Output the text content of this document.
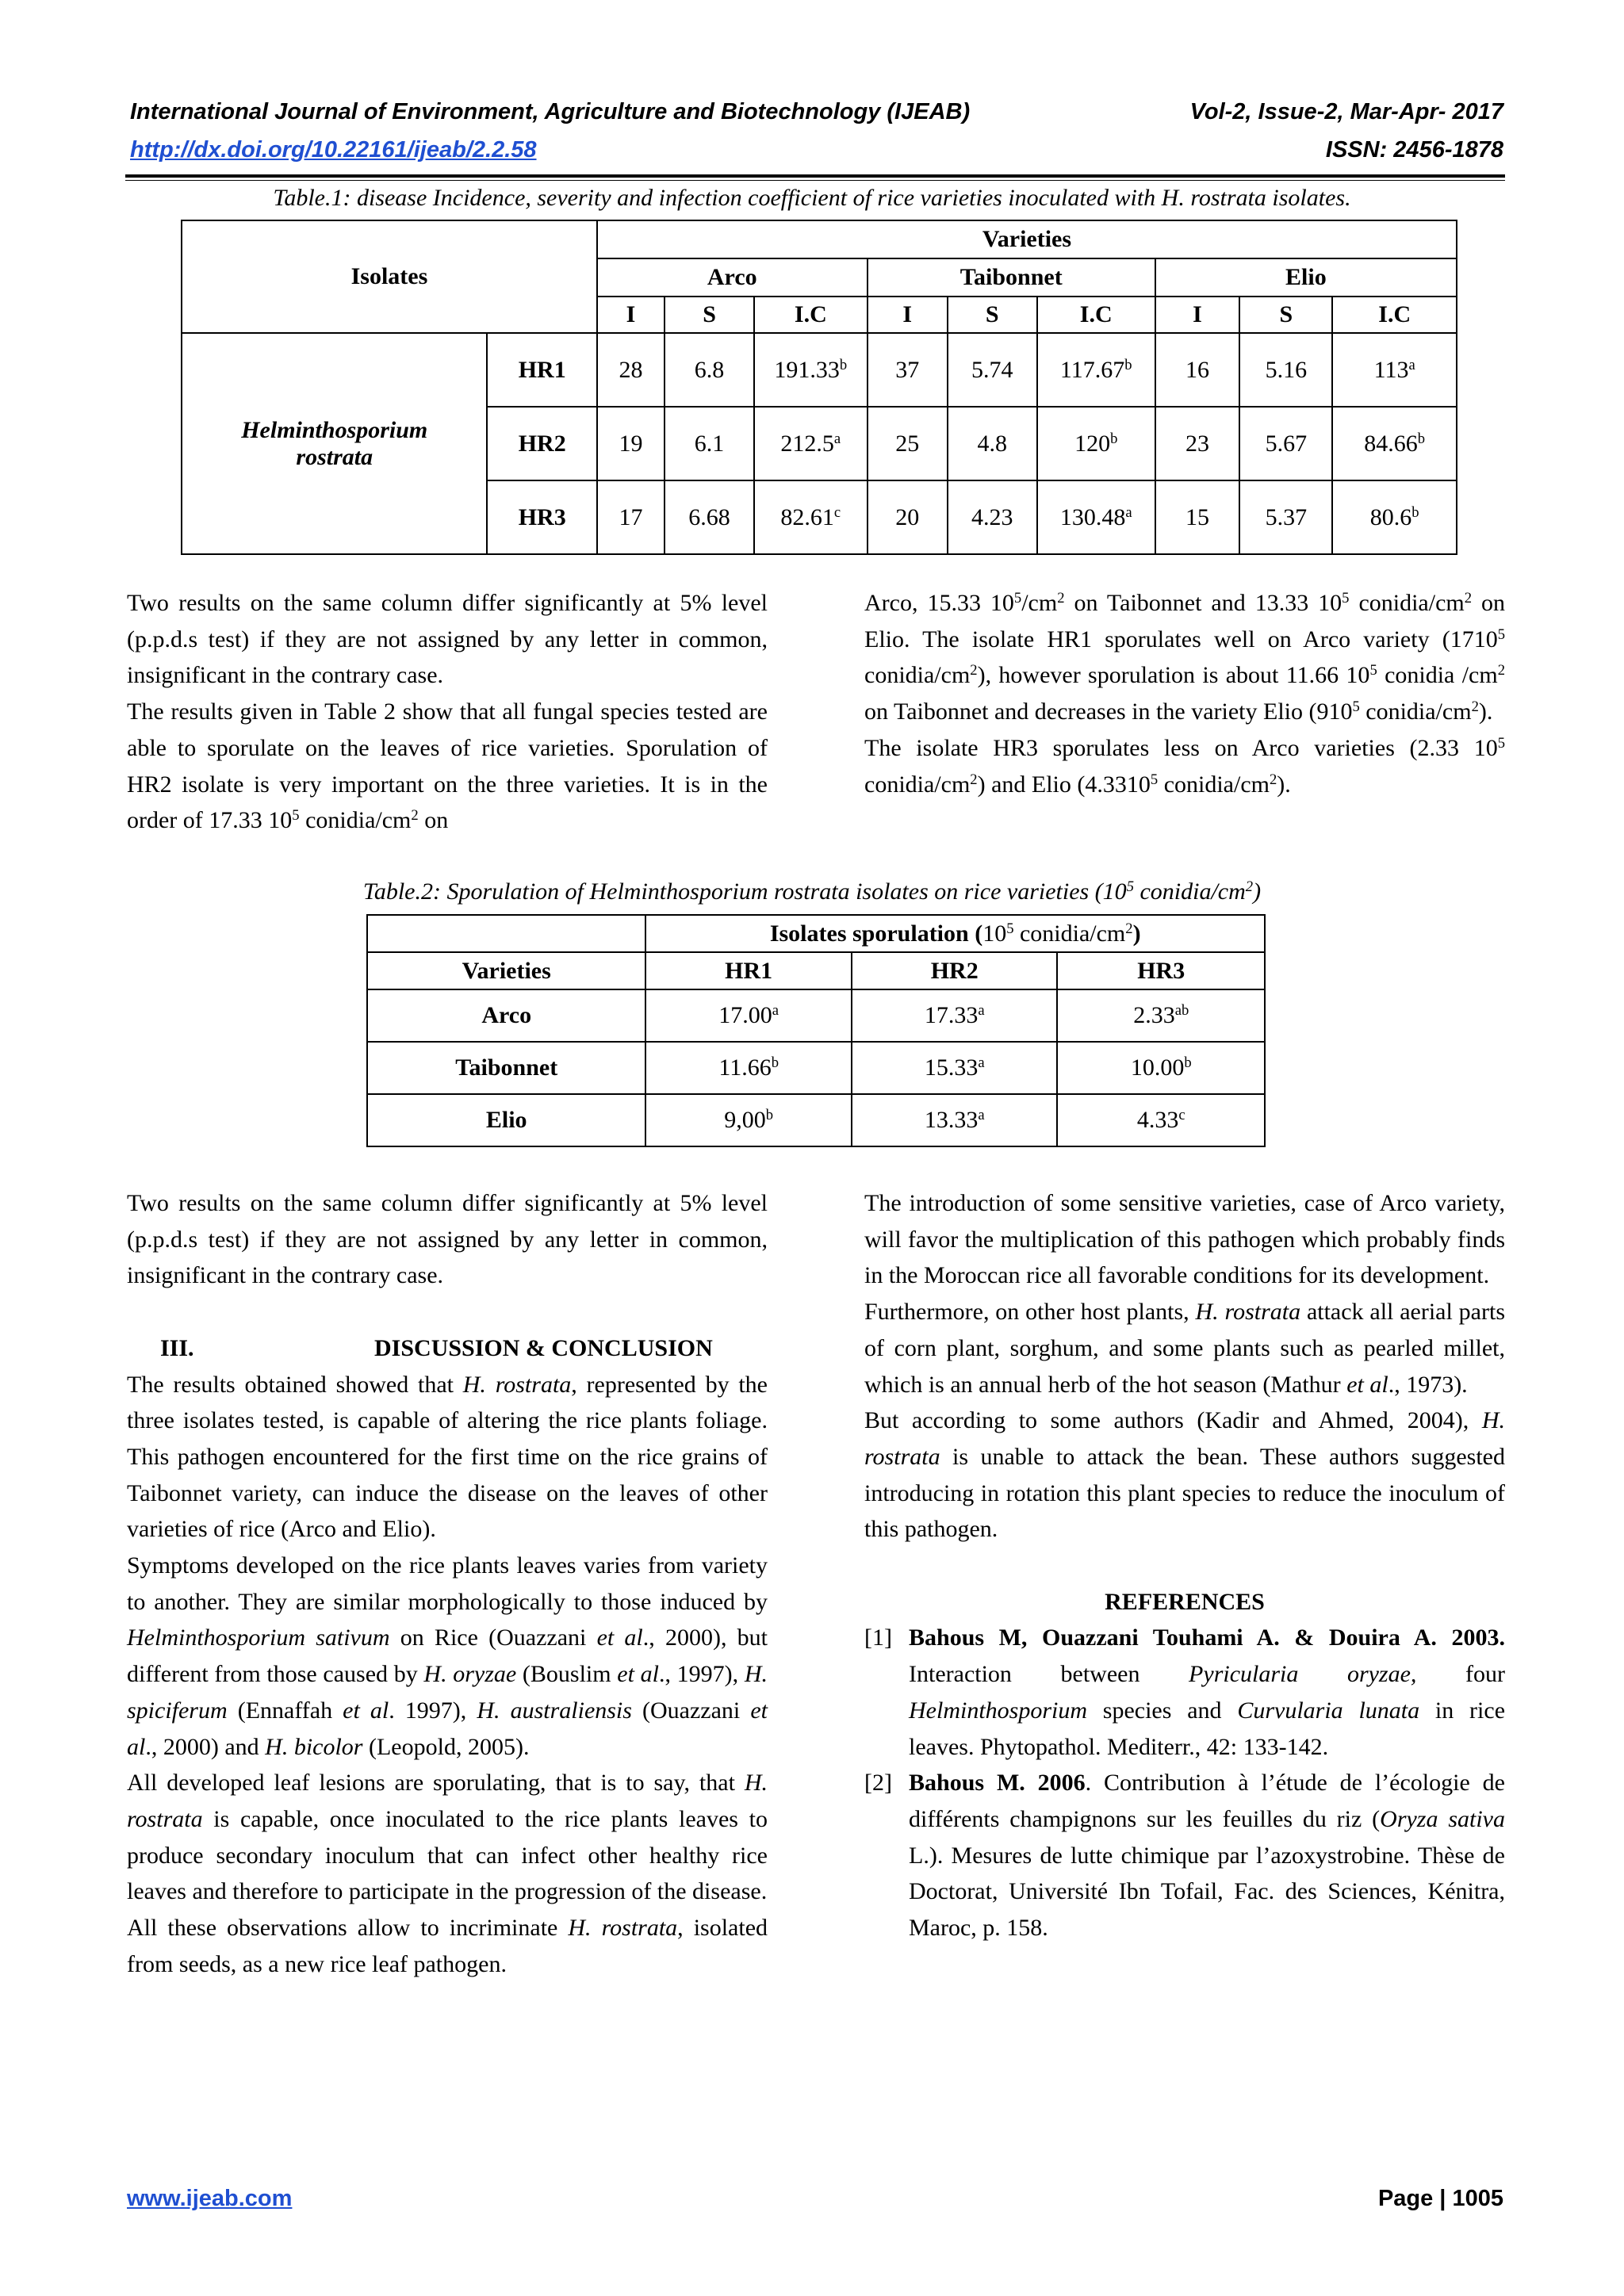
International Journal of Environment, Agriculture and Biotechnology (IJEAB)	Vol-2, Issue-2, Mar-Apr- 2017
http://dx.doi.org/10.22161/ijeab/2.2.58	ISSN: 2456-1878
Table.1: disease Incidence, severity and infection coefficient of rice varieties inoculated with H. rostrata isolates.
Isolates		Varieties								
		Arco			Taibonnet			Elio		
		I	S	I.C	I	S	I.C	I	S	I.C

Helminthosporium
rostrata	HR1	28	6.8	191.33$^b$	37	5.74	117.67$^b$	16	5.16	113$^a$
	HR2	19	6.1	212.5$^a$	25	4.8	120$^b$	23	5.67	84.66$^b$
	HR3	17	6.68	82.61$^c$	20	4.23	130.48$^a$	15	5.37	80.6$^b$

Two results on the same column differ significantly at 5% level (p.p.d.s test) if they are not assigned by any letter in common, insignificant in the contrary case.

The results given in Table 2 show that all fungal species tested are able to sporulate on the leaves of rice varieties. Sporulation of HR2 isolate is very important on the three varieties. It is in the order of 17.33 $10^5$ conidia/$cm^2$ on

Arco, 15.33 $10^5/cm^2$ on Taibonnet and 13.33 $10^5$ conidia/$cm^2$ on Elio. The isolate HR1 sporulates well on Arco variety (1710$^5$ conidia/$cm^2$), however sporulation is about 11.66 $10^5$ conidia $/cm^2$ on Taibonnet and decreases in the variety Elio ($910^5$ conidia/$cm^2$).

The isolate HR3 sporulates less on Arco varieties (2.33 $10^5$ conidia/$cm^2$) and Elio (4.3310$^5$ conidia/$cm^2$).

Table.2: Sporulation of Helminthosporium rostrata isolates on rice varieties ($10^5$ conidia/$cm^2$)
	Isolates sporulation ($10^5$ conidia/$cm^2$)		
Varieties	HR1	HR2	HR3
Arco	17.00$^a$	17.33$^a$	2.33$^{ab}$
Taibonnet	11.66$^b$	15.33$^a$	10.00$^b$
Elio	9,00$^b$	13.33$^a$	4.33$^c$

Two results on the same column differ significantly at 5% level (p.p.d.s test) if they are not assigned by any letter in common, insignificant in the contrary case.

III.	DISCUSSION & CONCLUSION

The results obtained showed that H. rostrata, represented by the three isolates tested, is capable of altering the rice plants foliage. This pathogen encountered for the first time on the rice grains of Taibonnet variety, can induce the disease on the leaves of other varieties of rice (Arco and Elio).

Symptoms developed on the rice plants leaves varies from variety to another. They are similar morphologically to those induced by Helminthosporium sativum on Rice (Ouazzani et al., 2000), but different from those caused by H. oryzae (Bouslim et al., 1997), H. spiciferum (Ennaffah et al. 1997), H. australiensis (Ouazzani et al., 2000) and H. bicolor (Leopold, 2005).

All developed leaf lesions are sporulating, that is to say, that H. rostrata is capable, once inoculated to the rice plants leaves to produce secondary inoculum that can infect other healthy rice leaves and therefore to participate in the progression of the disease.

All these observations allow to incriminate H. rostrata, isolated from seeds, as a new rice leaf pathogen.

The introduction of some sensitive varieties, case of Arco variety, will favor the multiplication of this pathogen which probably finds in the Moroccan rice all favorable conditions for its development.

Furthermore, on other host plants, H. rostrata attack all aerial parts of corn plant, sorghum, and some plants such as pearled millet, which is an annual herb of the hot season (Mathur et al., 1973).

But according to some authors (Kadir and Ahmed, 2004), H. rostrata is unable to attack the bean. These authors suggested introducing in rotation this plant species to reduce the inoculum of this pathogen.

REFERENCES

[1] Bahous M, Ouazzani Touhami A. & Douira A. 2003. Interaction between Pyricularia oryzae, four Helminthosporium species and Curvularia lunata in rice leaves. Phytopathol. Mediterr., 42: 133-142.
[2] Bahous M. 2006. Contribution à l’étude de l’écologie de différents champignons sur les feuilles du riz (Oryza sativa L.). Mesures de lutte chimique par l’azoxystrobine. Thèse de Doctorat, Université Ibn Tofail, Fac. des Sciences, Kénitra, Maroc, p. 158.
www.ijeab.com	Page | 1005
